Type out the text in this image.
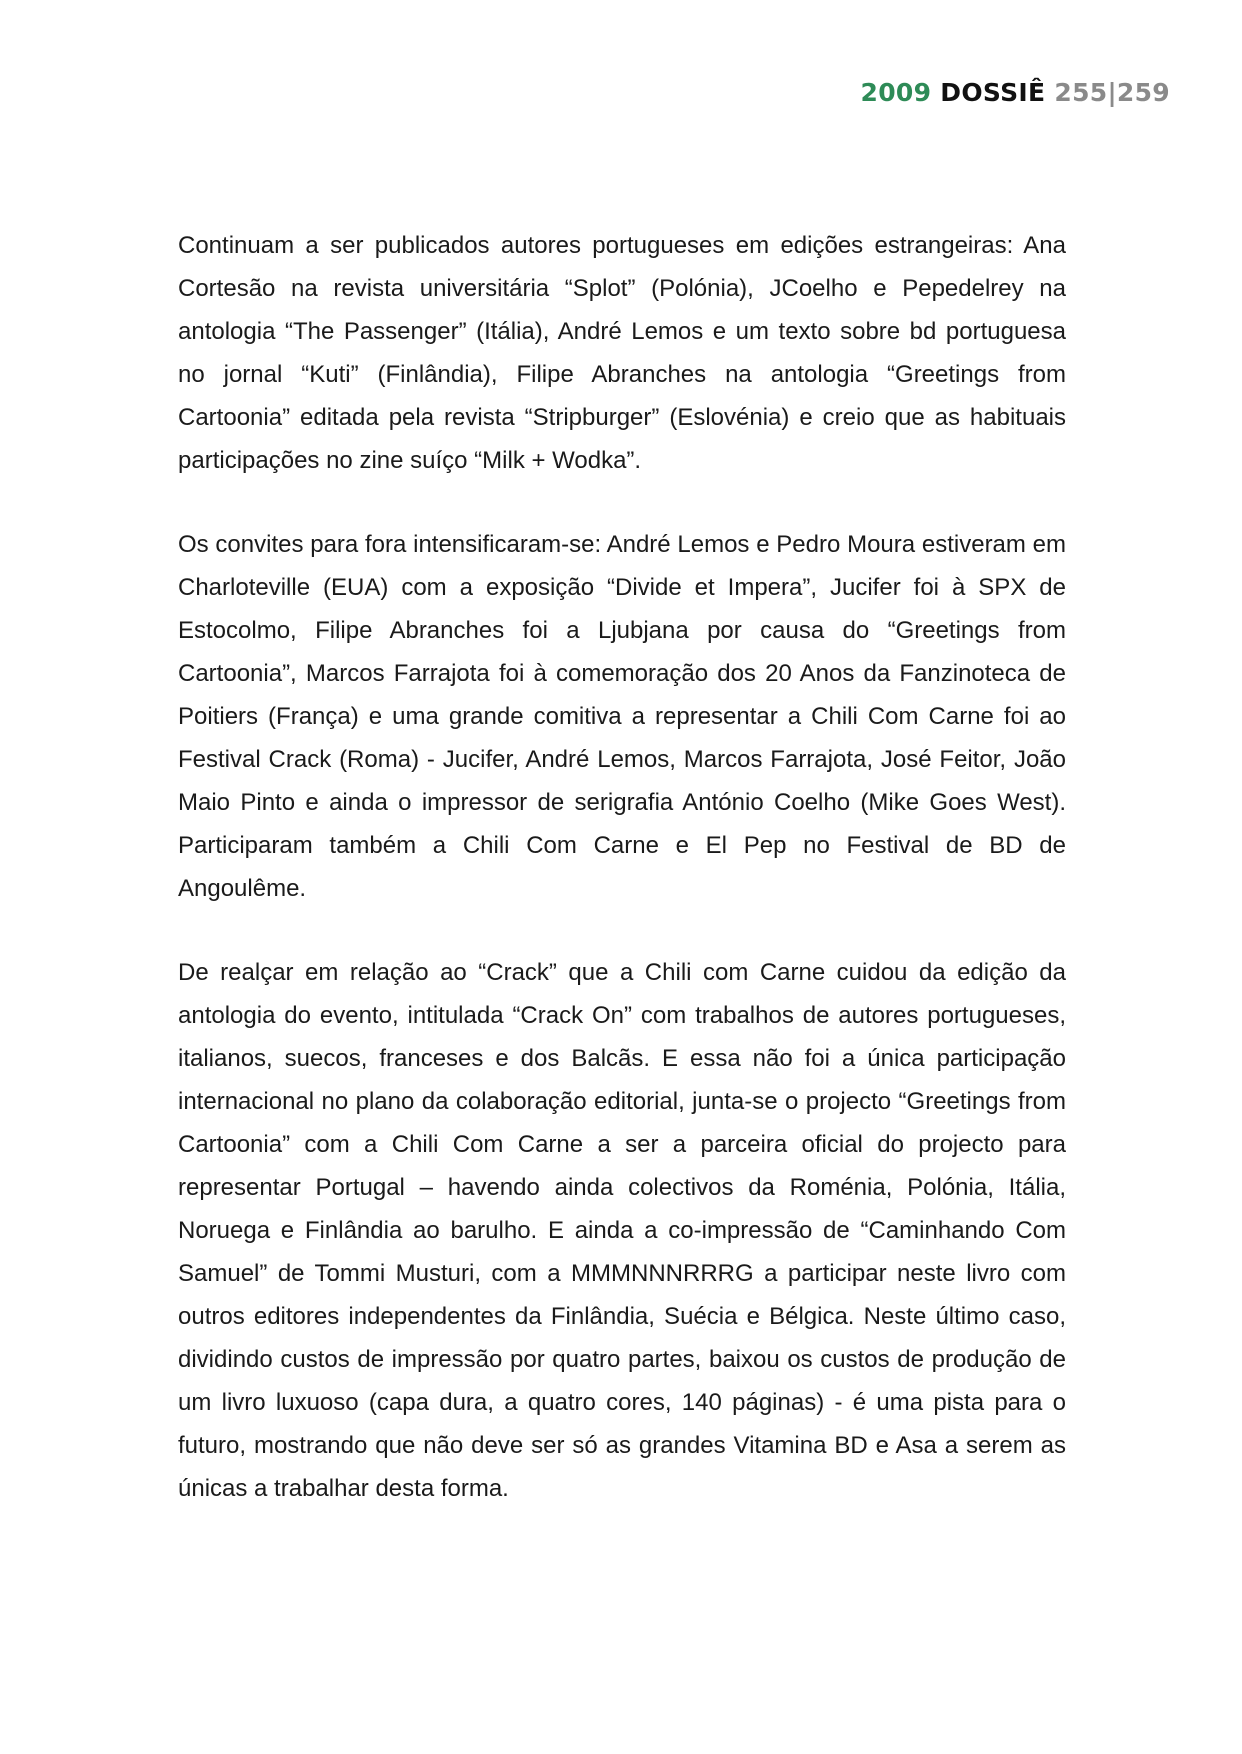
2009 DOSSIÊ 255|259

Continuam a ser publicados autores portugueses em edições estrangeiras: Ana Cortesão na revista universitária “Splot” (Polónia), JCoelho e Pepedelrey na antologia “The Passenger” (Itália), André Lemos e um texto sobre bd portuguesa no jornal “Kuti” (Finlândia), Filipe Abranches na antologia “Greetings from Cartoonia” editada pela revista “Stripburger” (Eslovénia) e creio que as habituais participações no zine suíço “Milk + Wodka”.

Os convites para fora intensificaram-se: André Lemos e Pedro Moura estiveram em Charloteville (EUA) com a exposição “Divide et Impera”, Jucifer foi à SPX de Estocolmo, Filipe Abranches foi a Ljubjana por causa do “Greetings from Cartoonia”, Marcos Farrajota foi à comemoração dos 20 Anos da Fanzinoteca de Poitiers (França) e uma grande comitiva a representar a Chili Com Carne foi ao Festival Crack (Roma) - Jucifer, André Lemos, Marcos Farrajota, José Feitor, João Maio Pinto e ainda o impressor de serigrafia António Coelho (Mike Goes West). Participaram também a Chili Com Carne e El Pep no Festival de BD de Angoulême.

De realçar em relação ao “Crack” que a Chili com Carne cuidou da edição da antologia do evento, intitulada “Crack On” com trabalhos de autores portugueses, italianos, suecos, franceses e dos Balcãs. E essa não foi a única participação internacional no plano da colaboração editorial, junta-se o projecto “Greetings from Cartoonia” com a Chili Com Carne a ser a parceira oficial do projecto para representar Portugal – havendo ainda colectivos da Roménia, Polónia, Itália, Noruega e Finlândia ao barulho. E ainda a co-impressão de “Caminhando Com Samuel” de Tommi Musturi, com a MMMNNNRRRG a participar neste livro com outros editores independentes da Finlândia, Suécia e Bélgica. Neste último caso, dividindo custos de impressão por quatro partes, baixou os custos de produção de um livro luxuoso (capa dura, a quatro cores, 140 páginas) - é uma pista para o futuro, mostrando que não deve ser só as grandes Vitamina BD e Asa a serem as únicas a trabalhar desta forma.
